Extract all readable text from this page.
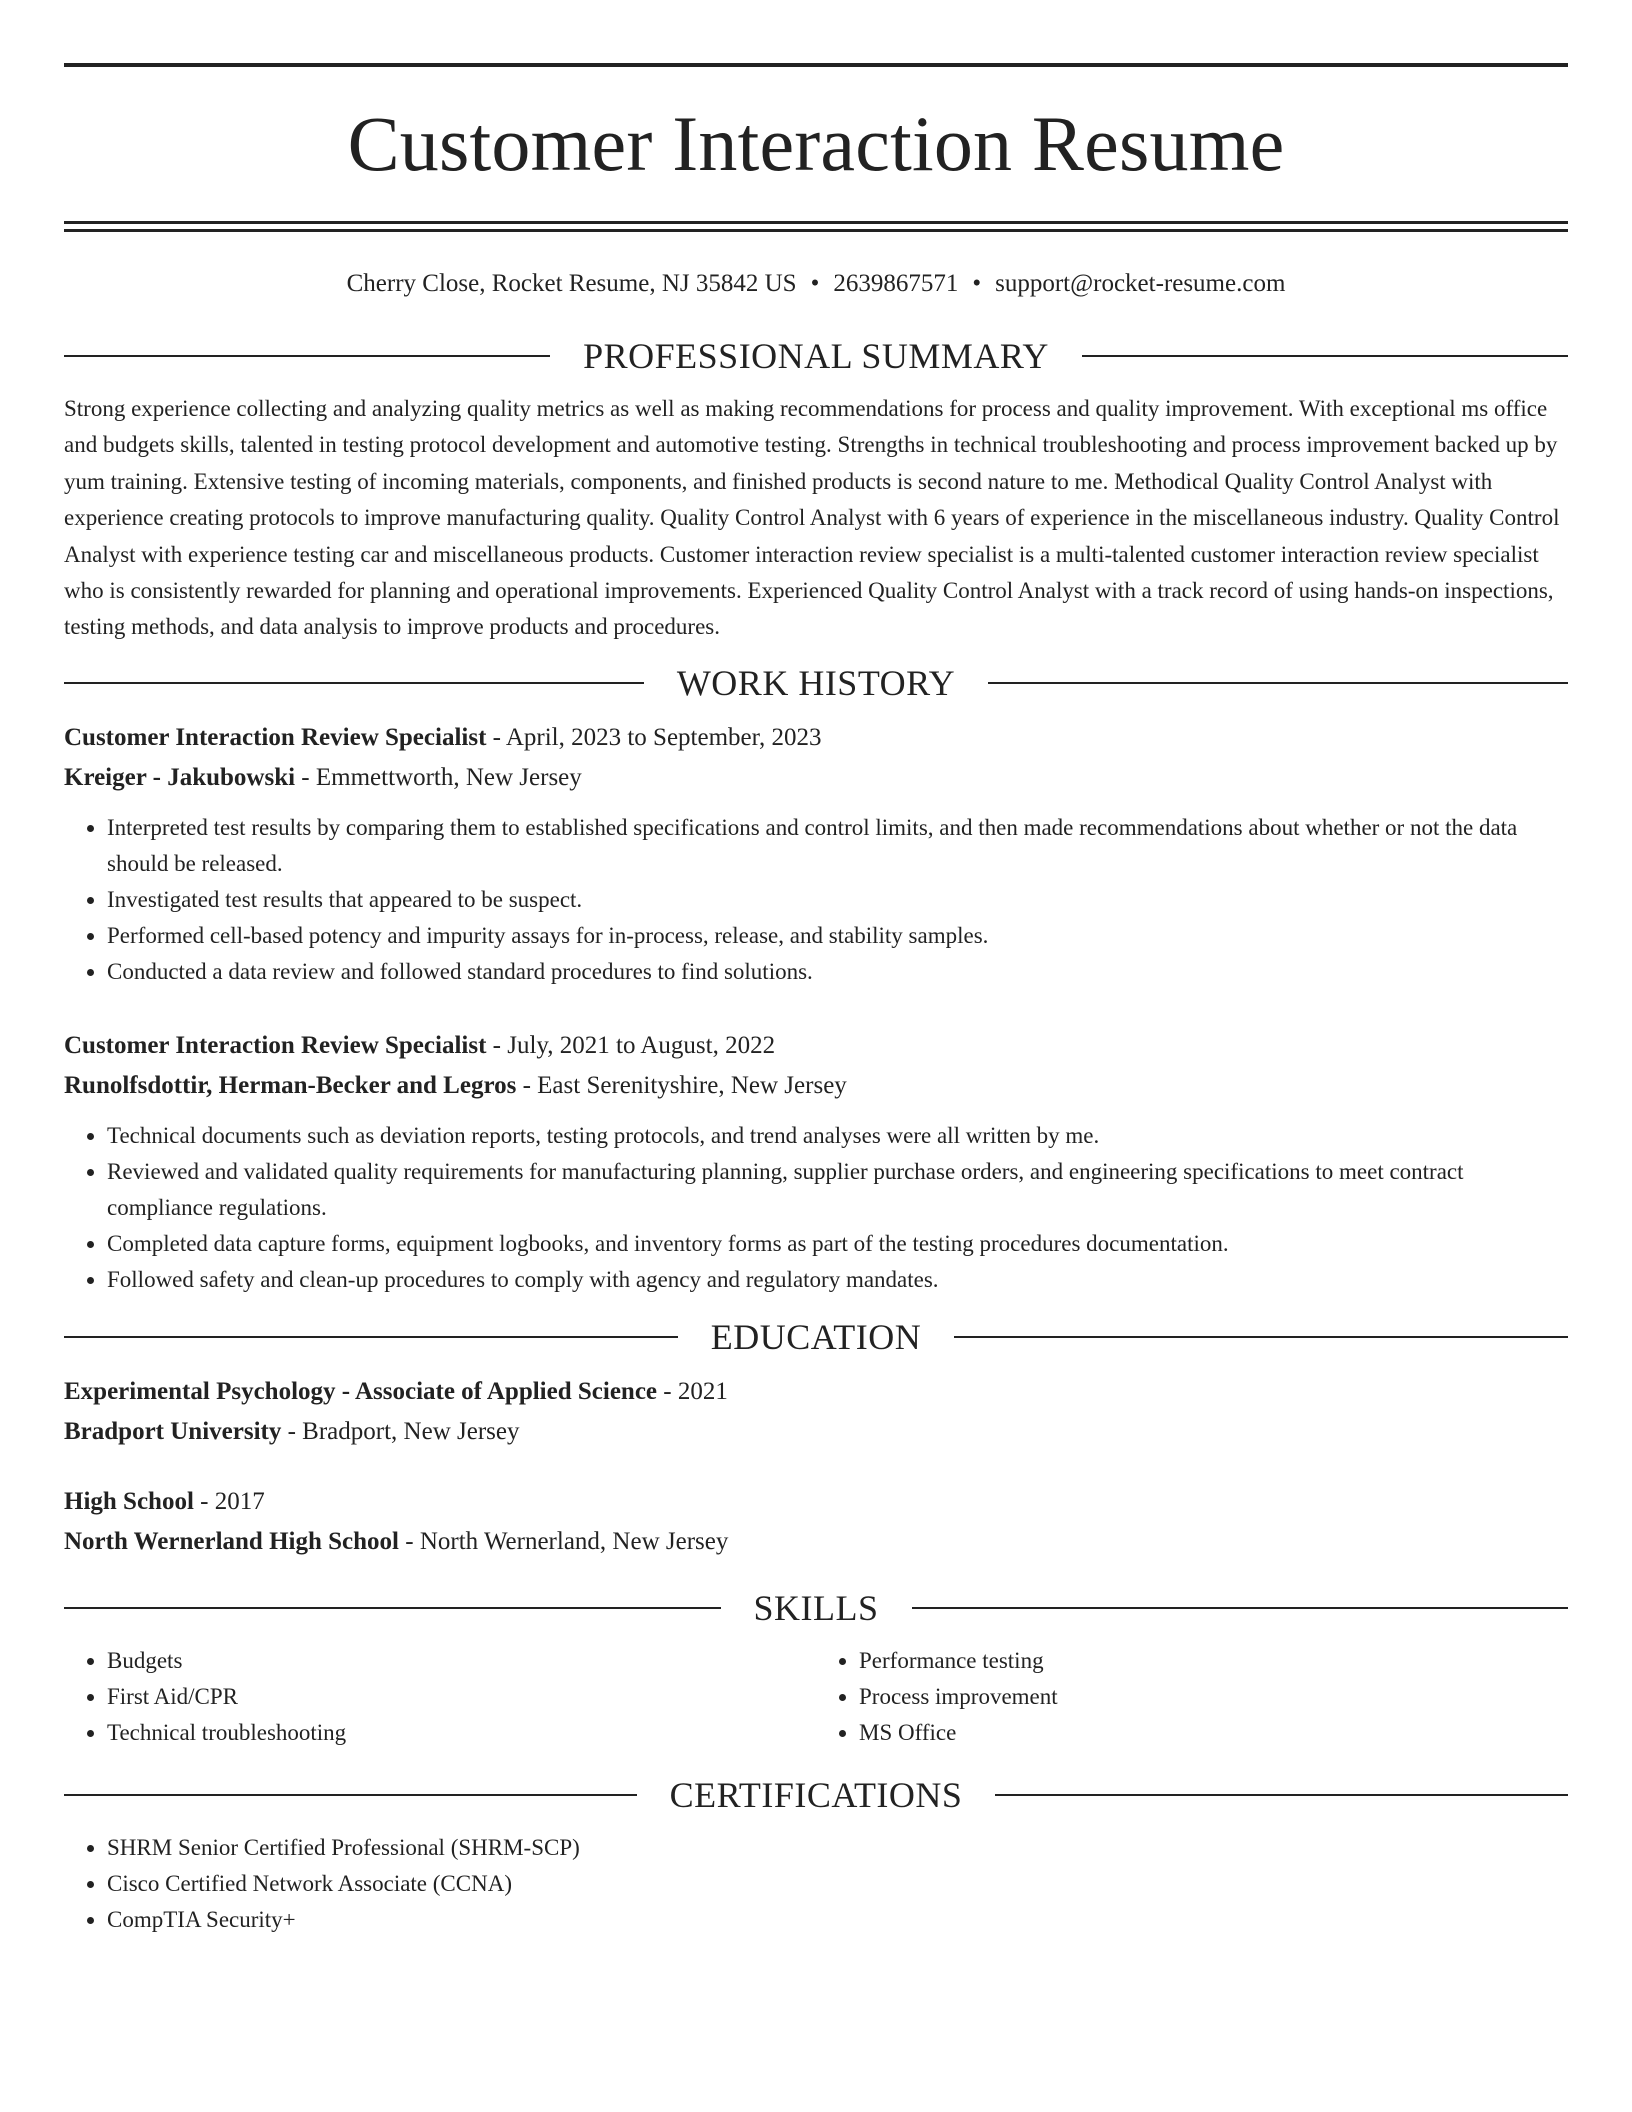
Customer Interaction Resume
Cherry Close, Rocket Resume, NJ 35842 US • 2639867571 • support@rocket-resume.com
PROFESSIONAL SUMMARY
Strong experience collecting and analyzing quality metrics as well as making recommendations for process and quality improvement. With exceptional ms office and budgets skills, talented in testing protocol development and automotive testing. Strengths in technical troubleshooting and process improvement backed up by yum training. Extensive testing of incoming materials, components, and finished products is second nature to me. Methodical Quality Control Analyst with experience creating protocols to improve manufacturing quality. Quality Control Analyst with 6 years of experience in the miscellaneous industry. Quality Control Analyst with experience testing car and miscellaneous products. Customer interaction review specialist is a multi-talented customer interaction review specialist who is consistently rewarded for planning and operational improvements. Experienced Quality Control Analyst with a track record of using hands-on inspections, testing methods, and data analysis to improve products and procedures.
WORK HISTORY
Customer Interaction Review Specialist - April, 2023 to September, 2023
Kreiger - Jakubowski - Emmettworth, New Jersey
• Interpreted test results by comparing them to established specifications and control limits, and then made recommendations about whether or not the data should be released.
• Investigated test results that appeared to be suspect.
• Performed cell-based potency and impurity assays for in-process, release, and stability samples.
• Conducted a data review and followed standard procedures to find solutions.
Customer Interaction Review Specialist - July, 2021 to August, 2022
Runolfsdottir, Herman-Becker and Legros - East Serenityshire, New Jersey
• Technical documents such as deviation reports, testing protocols, and trend analyses were all written by me.
• Reviewed and validated quality requirements for manufacturing planning, supplier purchase orders, and engineering specifications to meet contract compliance regulations.
• Completed data capture forms, equipment logbooks, and inventory forms as part of the testing procedures documentation.
• Followed safety and clean-up procedures to comply with agency and regulatory mandates.
EDUCATION
Experimental Psychology - Associate of Applied Science - 2021
Bradport University - Bradport, New Jersey
High School - 2017
North Wernerland High School - North Wernerland, New Jersey
SKILLS
• Budgets
• First Aid/CPR
• Technical troubleshooting
• Performance testing
• Process improvement
• MS Office
CERTIFICATIONS
• SHRM Senior Certified Professional (SHRM-SCP)
• Cisco Certified Network Associate (CCNA)
• CompTIA Security+
